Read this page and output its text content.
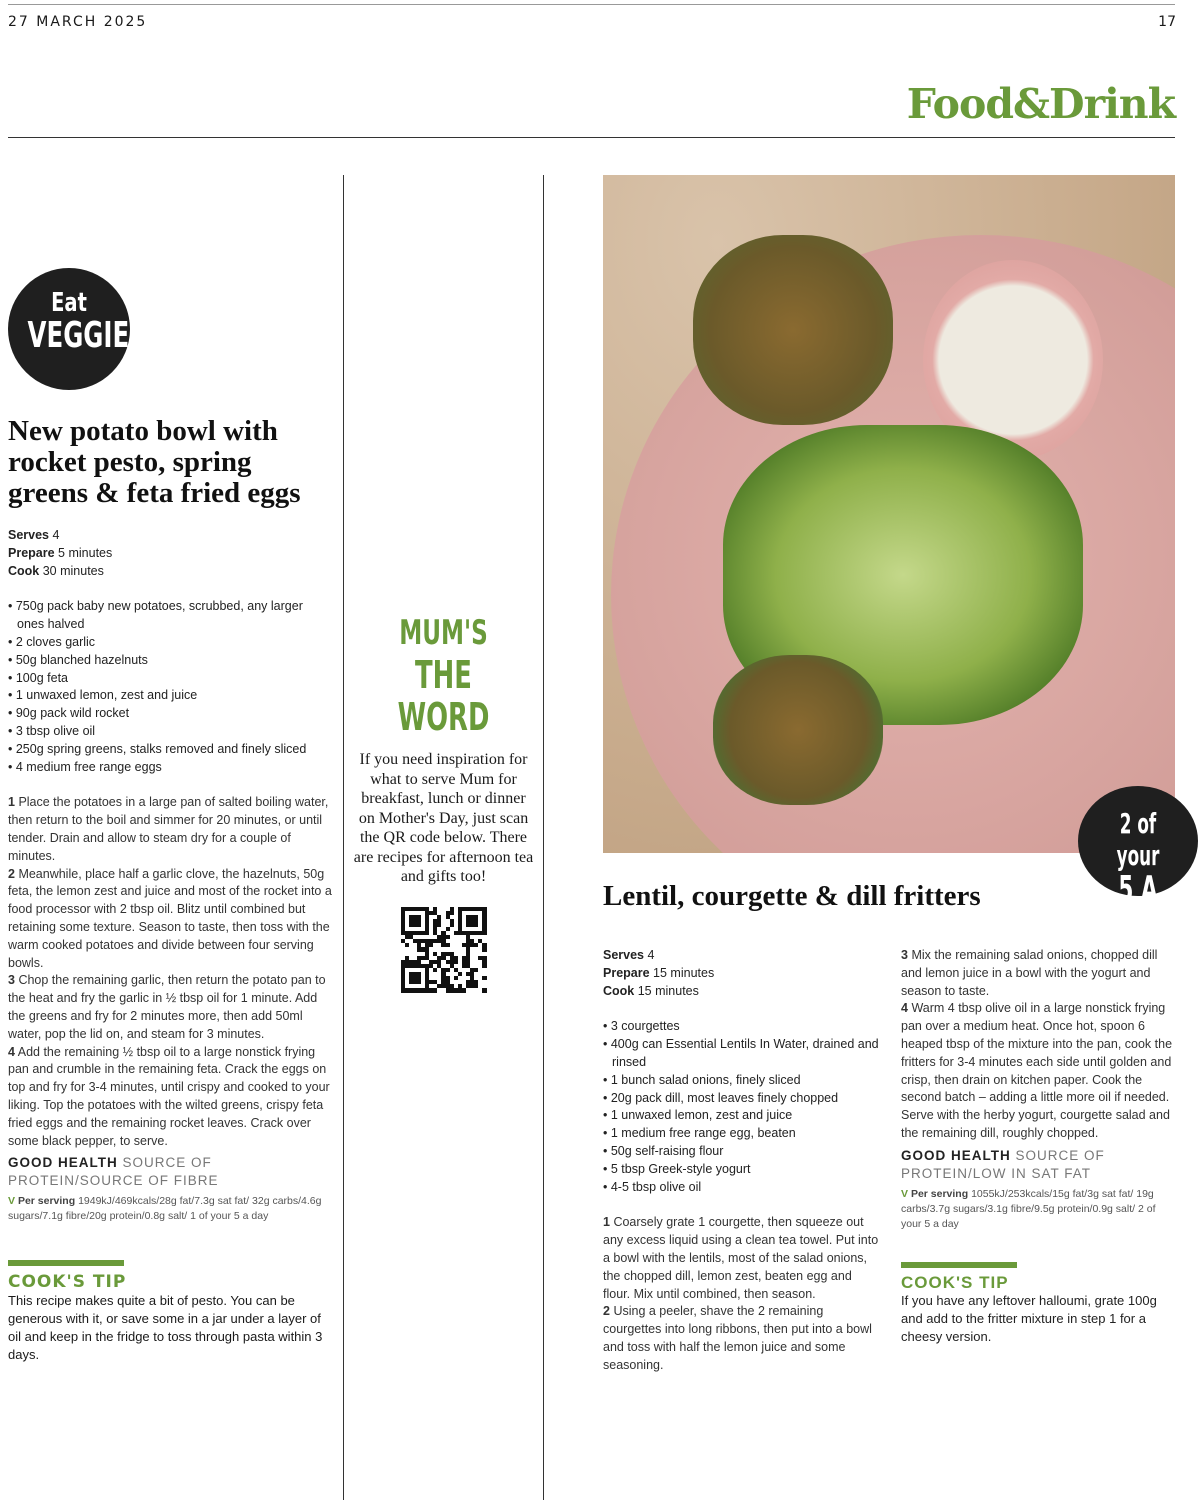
27 MARCH 2025	17
Food&Drink
Eat
VEGGIE
New potato bowl with rocket pesto, spring greens & feta fried eggs
Serves 4
Prepare 5 minutes
Cook 30 minutes
• 750g pack baby new potatoes, scrubbed, any larger ones halved
• 2 cloves garlic
• 50g blanched hazelnuts
• 100g feta
• 1 unwaxed lemon, zest and juice
• 90g pack wild rocket
• 3 tbsp olive oil
• 250g spring greens, stalks removed and finely sliced
• 4 medium free range eggs

1 Place the potatoes in a large pan of salted boiling water, then return to the boil and simmer for 20 minutes, or until tender. Drain and allow to steam dry for a couple of minutes.

2 Meanwhile, place half a garlic clove, the hazelnuts, 50g feta, the lemon zest and juice and most of the rocket into a food processor with 2 tbsp oil. Blitz until combined but retaining some texture. Season to taste, then toss with the warm cooked potatoes and divide between four serving bowls.

3 Chop the remaining garlic, then return the potato pan to the heat and fry the garlic in ½ tbsp oil for 1 minute. Add the greens and fry for 2 minutes more, then add 50ml water, pop the lid on, and steam for 3 minutes.

4 Add the remaining ½ tbsp oil to a large nonstick frying pan and crumble in the remaining feta. Crack the eggs on top and fry for 3-4 minutes, until crispy and cooked to your liking. Top the potatoes with the wilted greens, crispy feta fried eggs and the remaining rocket leaves. Crack over some black pepper, to serve.

GOOD HEALTH SOURCE OF PROTEIN/SOURCE OF FIBRE
V Per serving 1949kJ/469kcals/28g fat/7.3g sat fat/ 32g carbs/4.6g sugars/7.1g fibre/20g protein/0.8g salt/ 1 of your 5 a day
COOK'S TIP
This recipe makes quite a bit of pesto. You can be generous with it, or save some in a jar under a layer of oil and keep in the fridge to toss through pasta within 3 days.
MUM'S
THE WORD
If you need inspiration for what to serve Mum for breakfast, lunch or dinner on Mother's Day, just scan the QR code below. There are recipes for afternoon tea and gifts too!
2 of your
5 A DAY
Lentil, courgette & dill fritters
Serves 4
Prepare 15 minutes
Cook 15 minutes
• 3 courgettes
• 400g can Essential Lentils In Water, drained and rinsed
• 1 bunch salad onions, finely sliced
• 20g pack dill, most leaves finely chopped
• 1 unwaxed lemon, zest and juice
• 1 medium free range egg, beaten
• 50g self-raising flour
• 5 tbsp Greek-style yogurt
• 4-5 tbsp olive oil

1 Coarsely grate 1 courgette, then squeeze out any excess liquid using a clean tea towel. Put into a bowl with the lentils, most of the salad onions, the chopped dill, lemon zest, beaten egg and flour. Mix until combined, then season.

2 Using a peeler, shave the 2 remaining courgettes into long ribbons, then put into a bowl and toss with half the lemon juice and some seasoning.

3 Mix the remaining salad onions, chopped dill and lemon juice in a bowl with the yogurt and season to taste.

4 Warm 4 tbsp olive oil in a large nonstick frying pan over a medium heat. Once hot, spoon 6 heaped tbsp of the mixture into the pan, cook the fritters for 3-4 minutes each side until golden and crisp, then drain on kitchen paper. Cook the second batch – adding a little more oil if needed. Serve with the herby yogurt, courgette salad and the remaining dill, roughly chopped.

GOOD HEALTH SOURCE OF PROTEIN/LOW IN SAT FAT
V Per serving 1055kJ/253kcals/15g fat/3g sat fat/ 19g carbs/3.7g sugars/3.1g fibre/9.5g protein/0.9g salt/ 2 of your 5 a day
COOK'S TIP
If you have any leftover halloumi, grate 100g and add to the fritter mixture in step 1 for a cheesy version.
